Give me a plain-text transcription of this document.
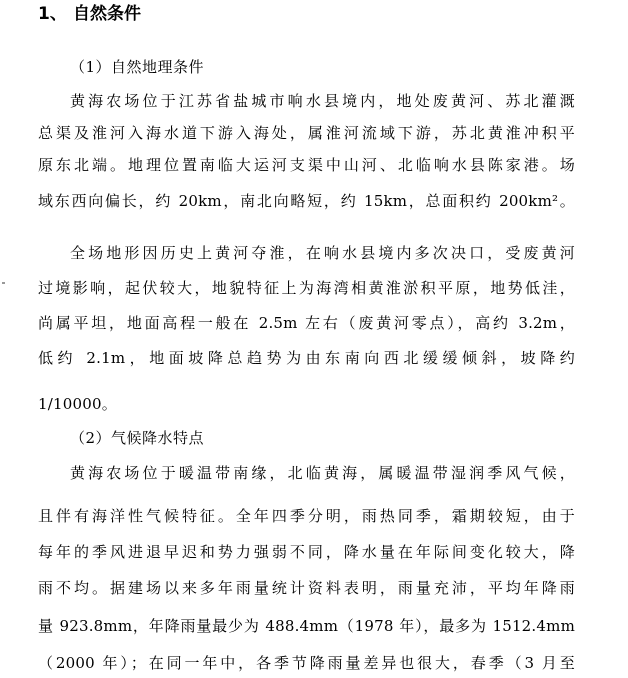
1、 自然条件
（1）自然地理条件
黄海农场位于江苏省盐城市响水县境内，地处废黄河、苏北灌溉
总渠及淮河入海水道下游入海处，属淮河流域下游，苏北黄淮冲积平
原东北端。地理位置南临大运河支渠中山河、北临响水县陈家港。场
域东西向偏长，约 20km，南北向略短，约 15km，总面积约 200km²。
全场地形因历史上黄河夺淮，在响水县境内多次决口，受废黄河
过境影响，起伏较大，地貌特征上为海湾相黄淮淤积平原，地势低洼，
尚属平坦，地面高程一般在 2.5m 左右（废黄河零点），高约 3.2m，
低约 2.1m，地面坡降总趋势为由东南向西北缓缓倾斜，坡降约
1/10000。
（2）气候降水特点
黄海农场位于暖温带南缘，北临黄海，属暖温带湿润季风气候，
且伴有海洋性气候特征。全年四季分明，雨热同季，霜期较短，由于
每年的季风进退早迟和势力强弱不同，降水量在年际间变化较大，降
雨不均。据建场以来多年雨量统计资料表明，雨量充沛，平均年降雨
量 923.8mm，年降雨量最少为 488.4mm（1978 年），最多为 1512.4mm
（2000 年）；在同一年中，各季节降雨量差异也很大，春季（3 月至
